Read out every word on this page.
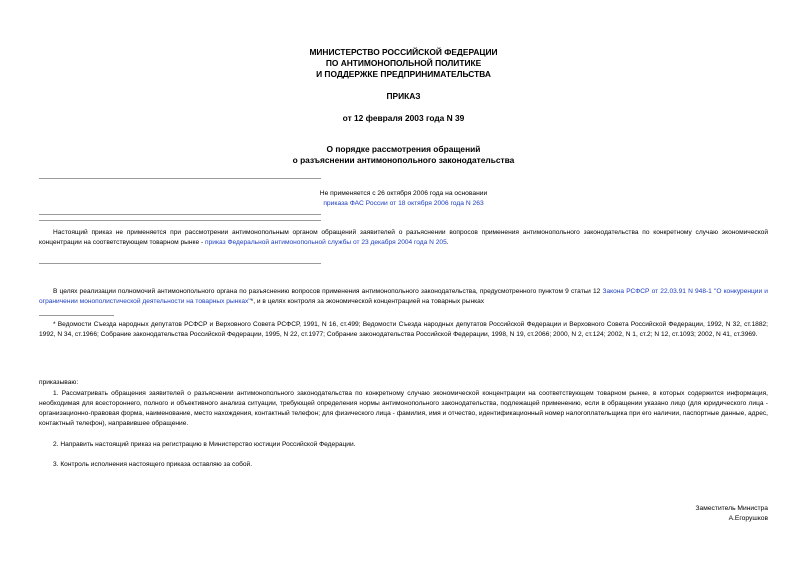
МИНИСТЕРСТВО РОССИЙСКОЙ ФЕДЕРАЦИИ
ПО АНТИМОНОПОЛЬНОЙ ПОЛИТИКЕ
И ПОДДЕРЖКЕ ПРЕДПРИНИМАТЕЛЬСТВА
ПРИКАЗ
от 12 февраля 2003 года N 39
О порядке рассмотрения обращений
о разъяснении антимонопольного законодательства
Не применяется с 26 октября 2006 года на основании
приказа ФАС России от 18 октября 2006 года N 263
Настоящий приказ не применяется при рассмотрении антимонопольным органом обращений заявителей о разъяснении вопросов применения антимонопольного законодательства по конкретному случаю экономической концентрации на соответствующем товарном рынке - приказ Федеральной антимонопольной службы от 23 декабря 2004 года N 205.
В целях реализации полномочий антимонопольного органа по разъяснению вопросов применения антимонопольного законодательства, предусмотренного пунктом 9 статьи 12 Закона РСФСР от 22.03.91 N 948-1 "О конкуренции и ограничении монополистической деятельности на товарных рынках"*, и в целях контроля за экономической концентрацией на товарных рынках
* Ведомости Съезда народных депутатов РСФСР и Верховного Совета РСФСР, 1991, N 16, ст.499; Ведомости Съезда народных депутатов Российской Федерации и Верховного Совета Российской Федерации, 1992, N 32, ст.1882; 1992, N 34, ст.1966; Собрание законодательства Российской Федерации, 1995, N 22, ст.1977; Собрание законодательства Российской Федерации, 1998, N 19, ст.2066; 2000, N 2, ст.124; 2002, N 1, ст.2; N 12, ст.1093; 2002, N 41, ст.3969.
приказываю:
1. Рассматривать обращения заявителей о разъяснении антимонопольного законодательства по конкретному случаю экономической концентрации на соответствующем товарном рынке, в которых содержится информация, необходимая для всестороннего, полного и объективного анализа ситуации, требующей определения нормы антимонопольного законодательства, подлежащей применению, если в обращении указано лицо (для юридического лица - организационно-правовая форма, наименование, место нахождения, контактный телефон; для физического лица - фамилия, имя и отчество, идентификационный номер налогоплательщика при его наличии, паспортные данные, адрес, контактный телефон), направившее обращение.
2. Направить настоящий приказ на регистрацию в Министерство юстиции Российской Федерации.
3. Контроль исполнения настоящего приказа оставляю за собой.
Заместитель Министра
А.Егорушков
